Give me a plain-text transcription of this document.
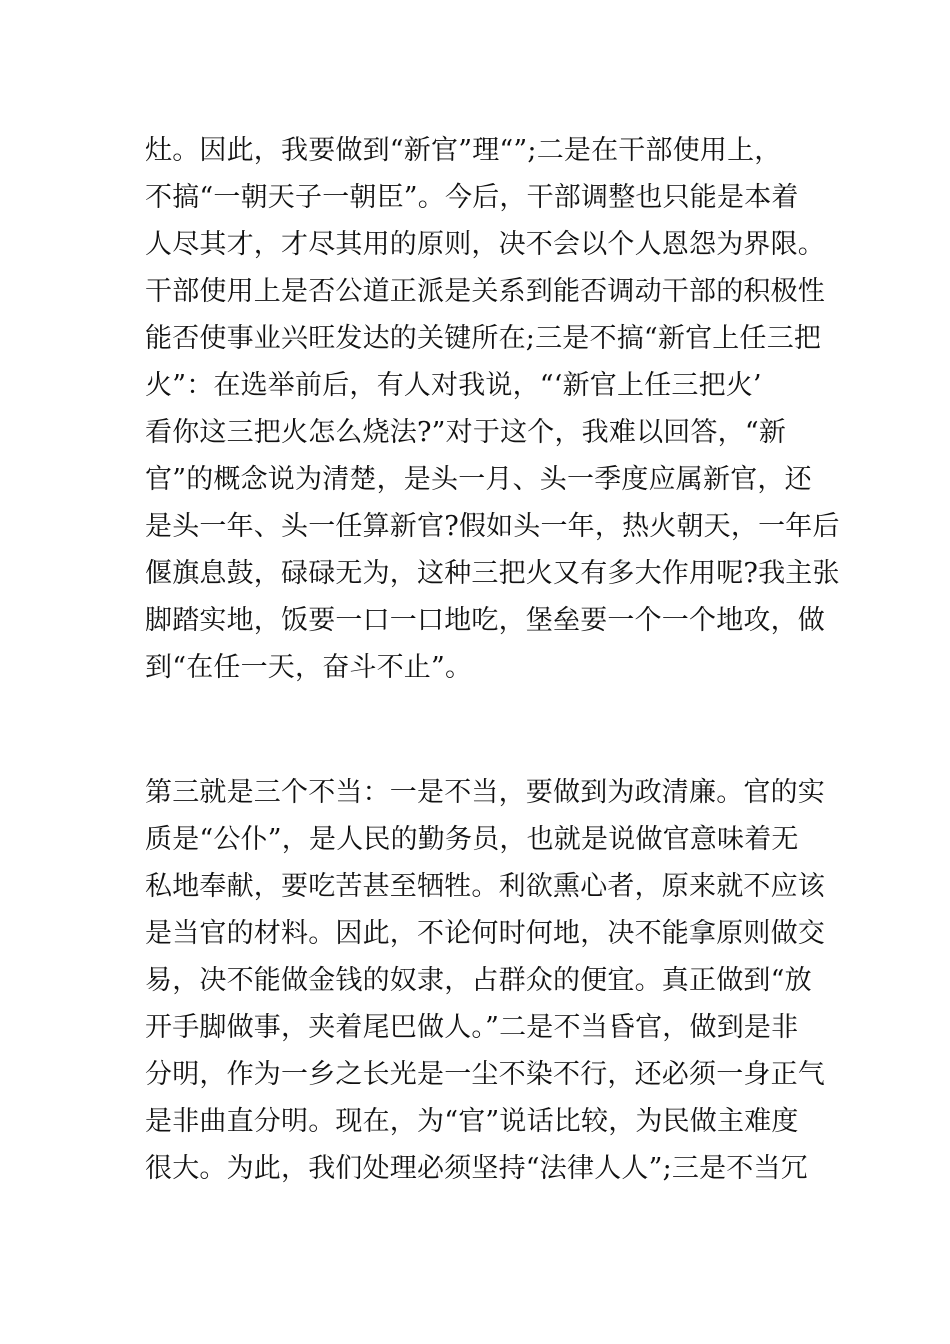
灶。因此，我要做到“新官”理“”;二是在干部使用上，

不搞“一朝天子一朝臣”。今后，干部调整也只能是本着

人尽其才，才尽其用的原则，决不会以个人恩怨为界限。

干部使用上是否公道正派是关系到能否调动干部的积极性

能否使事业兴旺发达的关键所在;三是不搞“新官上任三把

火”：在选举前后，有人对我说，“‘新官上任三把火’

看你这三把火怎么烧法?”对于这个，我难以回答，“新

官”的概念说为清楚，是头一月、头一季度应属新官，还

是头一年、头一任算新官?假如头一年，热火朝天，一年后

偃旗息鼓，碌碌无为，这种三把火又有多大作用呢?我主张

脚踏实地，饭要一口一口地吃，堡垒要一个一个地攻，做

到“在任一天，奋斗不止”。

第三就是三个不当：一是不当，要做到为政清廉。官的实

质是“公仆”，是人民的勤务员，也就是说做官意味着无

私地奉献，要吃苦甚至牺牲。利欲熏心者，原来就不应该

是当官的材料。因此，不论何时何地，决不能拿原则做交

易，决不能做金钱的奴隶，占群众的便宜。真正做到“放

开手脚做事，夹着尾巴做人。”二是不当昏官，做到是非

分明，作为一乡之长光是一尘不染不行，还必须一身正气

是非曲直分明。现在，为“官”说话比较，为民做主难度

很大。为此，我们处理必须坚持“法律人人”;三是不当冗
